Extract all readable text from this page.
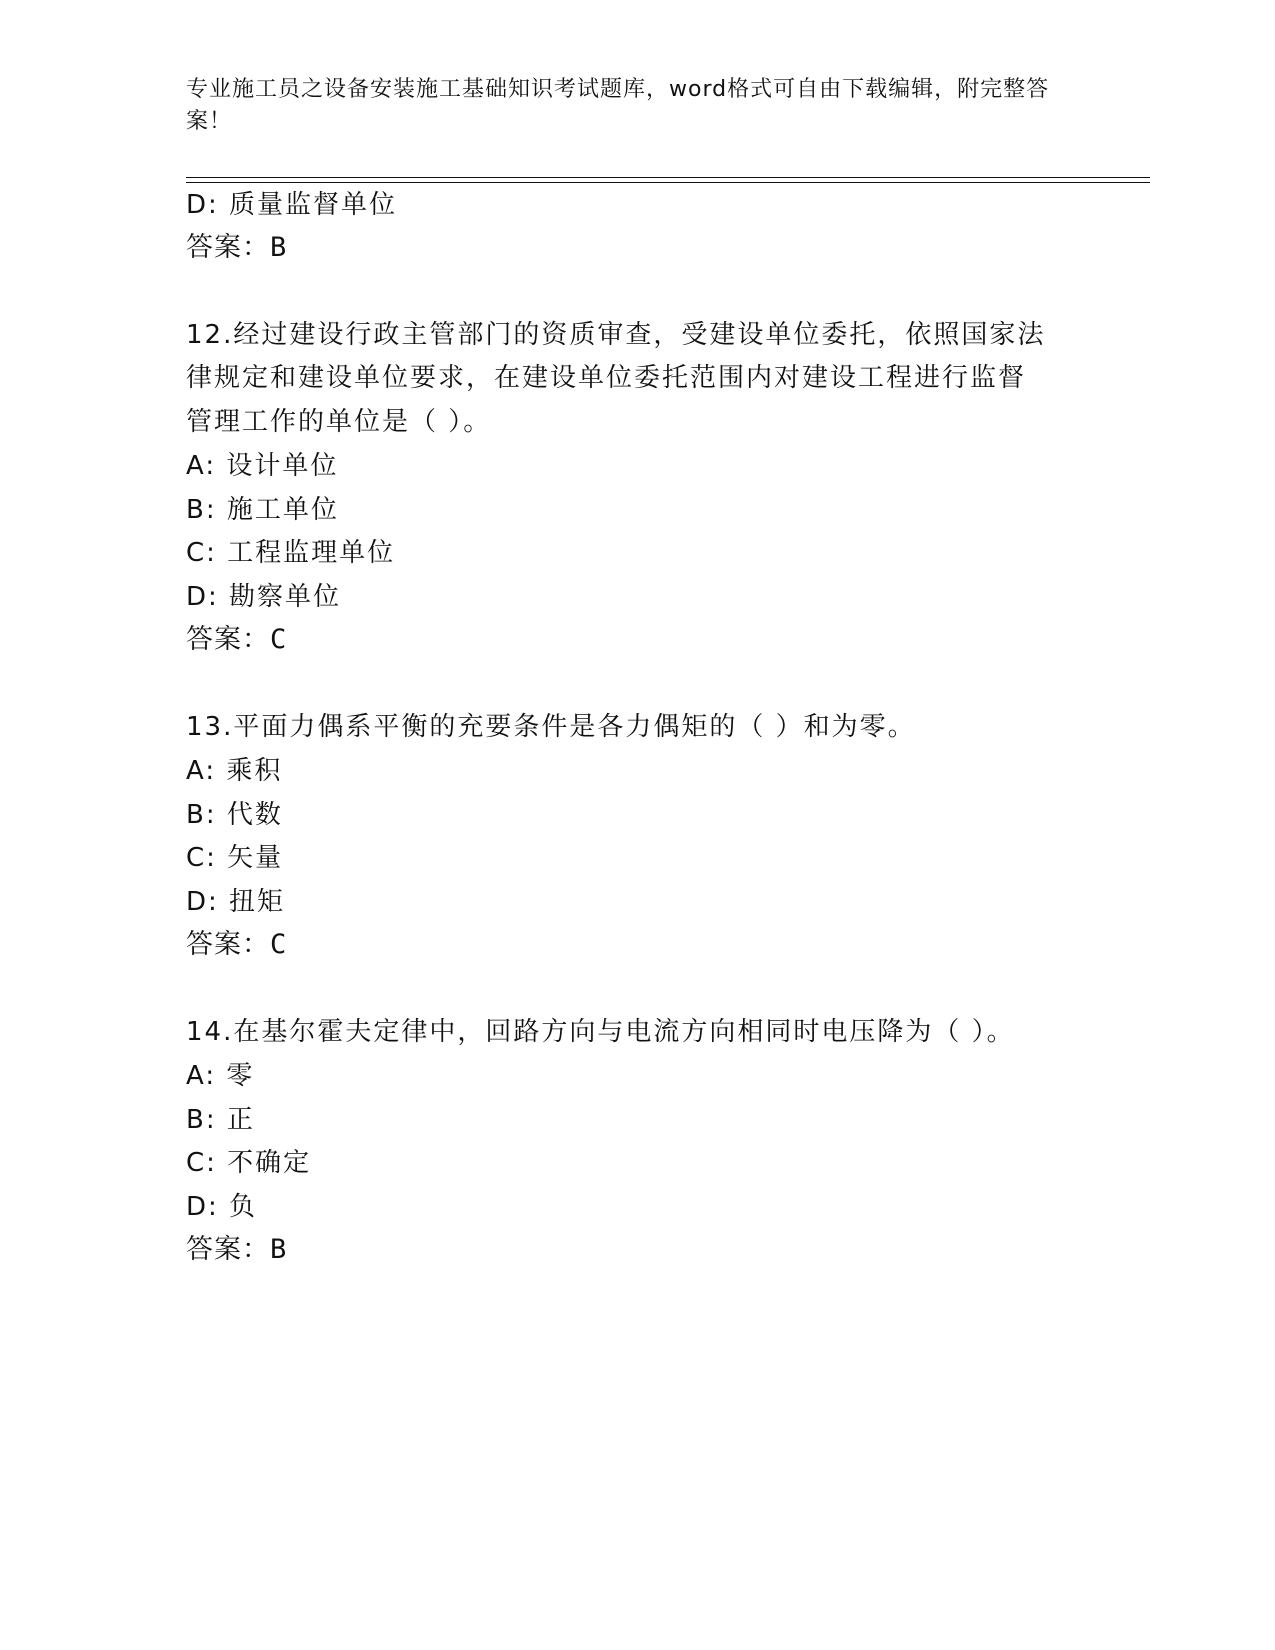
专业施工员之设备安装施工基础知识考试题库，word格式可自由下载编辑，附完整答案！
D: 质量监督单位
答案：B
12.经过建设行政主管部门的资质审查，受建设单位委托，依照国家法
律规定和建设单位要求，在建设单位委托范围内对建设工程进行监督
管理工作的单位是（ ）。
A: 设计单位
B: 施工单位
C: 工程监理单位
D: 勘察单位
答案：C
13.平面力偶系平衡的充要条件是各力偶矩的（ ）和为零。
A: 乘积
B: 代数
C: 矢量
D: 扭矩
答案：C
14.在基尔霍夫定律中，回路方向与电流方向相同时电压降为（ ）。
A: 零
B: 正
C: 不确定
D: 负
答案：B
